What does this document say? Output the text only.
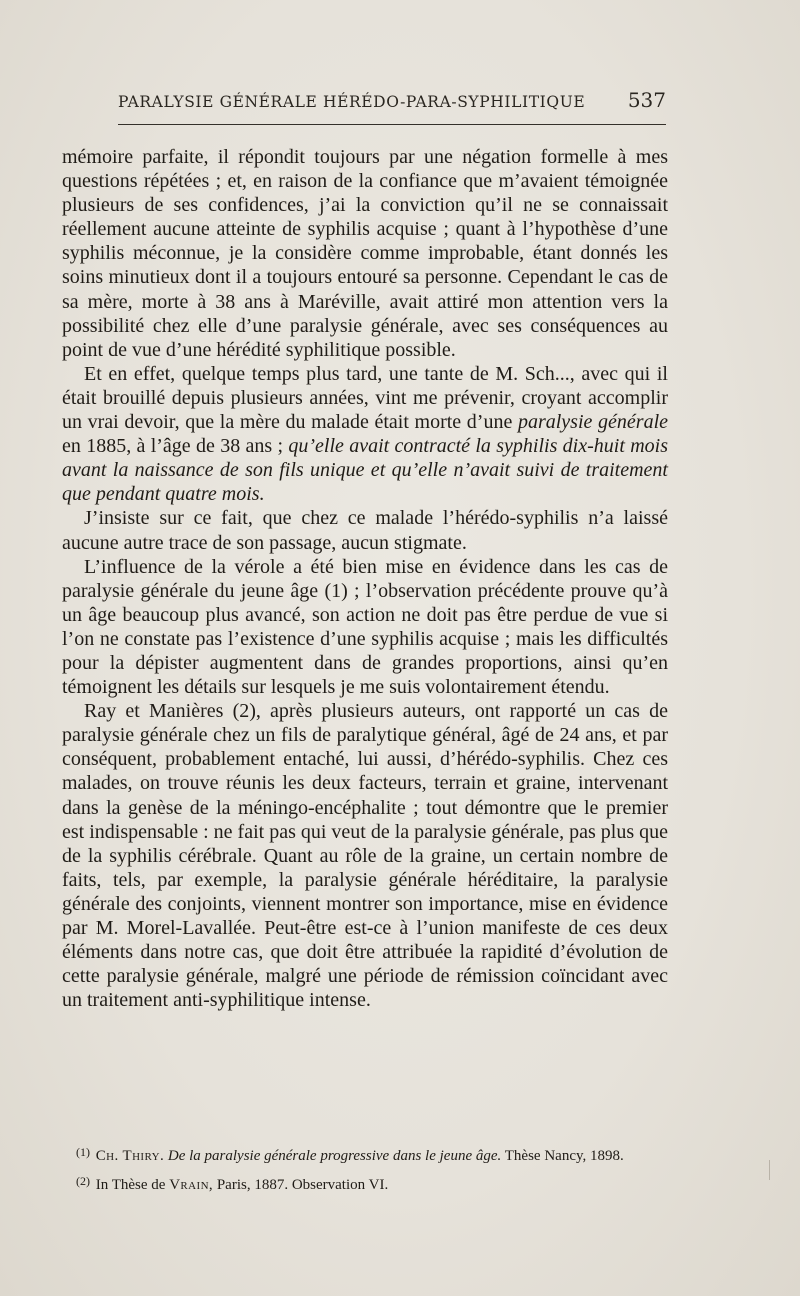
PARALYSIE GÉNÉRALE HÉRÉDO-PARA-SYPHILITIQUE 537

mémoire parfaite, il répondit toujours par une négation formelle à mes questions répétées ; et, en raison de la confiance que m’avaient témoignée plusieurs de ses confidences, j’ai la conviction qu’il ne se connaissait réellement aucune atteinte de syphilis acquise ; quant à l’hypothèse d’une syphilis méconnue, je la considère comme improbable, étant donnés les soins minutieux dont il a toujours entouré sa personne. Cependant le cas de sa mère, morte à 38 ans à Maréville, avait attiré mon attention vers la possibilité chez elle d’une paralysie générale, avec ses conséquences au point de vue d’une hérédité syphilitique possible.

Et en effet, quelque temps plus tard, une tante de M. Sch..., avec qui il était brouillé depuis plusieurs années, vint me prévenir, croyant accomplir un vrai devoir, que la mère du malade était morte d’une paralysie générale en 1885, à l’âge de 38 ans ; qu’elle avait contracté la syphilis dix-huit mois avant la naissance de son fils unique et qu’elle n’avait suivi de traitement que pendant quatre mois.

J’insiste sur ce fait, que chez ce malade l’hérédo-syphilis n’a laissé aucune autre trace de son passage, aucun stigmate.

L’influence de la vérole a été bien mise en évidence dans les cas de paralysie générale du jeune âge (1) ; l’observation précédente prouve qu’à un âge beaucoup plus avancé, son action ne doit pas être perdue de vue si l’on ne constate pas l’existence d’une syphilis acquise ; mais les difficultés pour la dépister augmentent dans de grandes proportions, ainsi qu’en témoignent les détails sur lesquels je me suis volontairement étendu.

Ray et Manières (2), après plusieurs auteurs, ont rapporté un cas de paralysie générale chez un fils de paralytique général, âgé de 24 ans, et par conséquent, probablement entaché, lui aussi, d’hérédo-syphilis. Chez ces malades, on trouve réunis les deux facteurs, terrain et graine, intervenant dans la genèse de la méningo-encéphalite ; tout démontre que le premier est indispensable : ne fait pas qui veut de la paralysie générale, pas plus que de la syphilis cérébrale. Quant au rôle de la graine, un certain nombre de faits, tels, par exemple, la paralysie générale héréditaire, la paralysie générale des conjoints, viennent montrer son importance, mise en évidence par M. Morel-Lavallée. Peut-être est-ce à l’union manifeste de ces deux éléments dans notre cas, que doit être attribuée la rapidité d’évolution de cette paralysie générale, malgré une période de rémission coïncidant avec un traitement anti-syphilitique intense.

$^{(1)}$ Ch. Thiry. De la paralysie générale progressive dans le jeune âge. Thèse Nancy, 1898.

$^{(2)}$ In Thèse de Vrain, Paris, 1887. Observation VI.
